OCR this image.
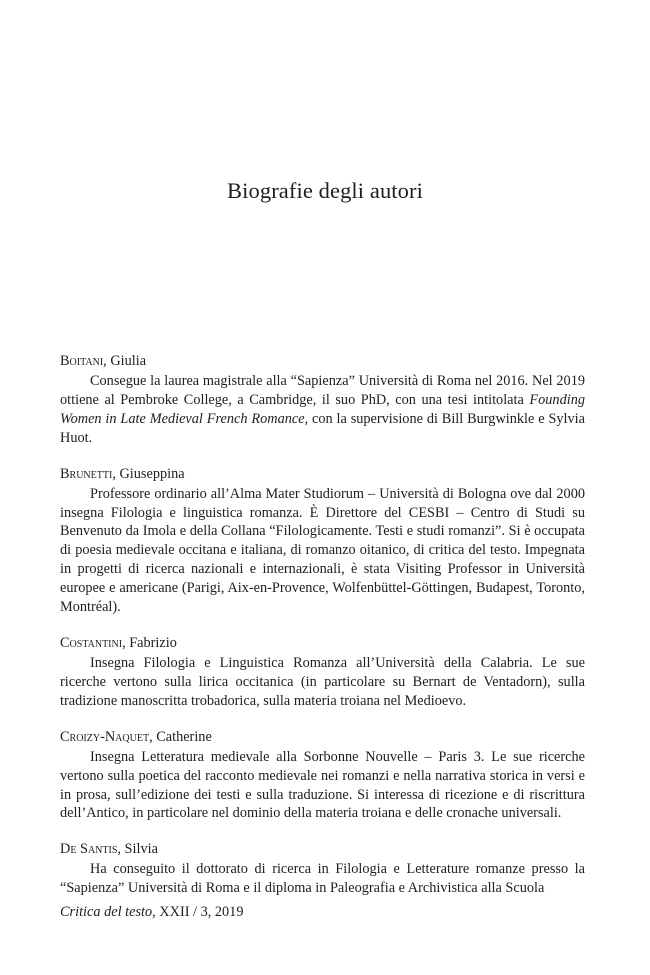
Biografie degli autori
Boitani, Giulia

Consegue la laurea magistrale alla “Sapienza” Università di Roma nel 2016. Nel 2019 ottiene al Pembroke College, a Cambridge, il suo PhD, con una tesi intitolata Founding Women in Late Medieval French Romance, con la supervisione di Bill Burgwinkle e Sylvia Huot.

Brunetti, Giuseppina

Professore ordinario all’Alma Mater Studiorum – Università di Bologna ove dal 2000 insegna Filologia e linguistica romanza. È Direttore del CESBI – Centro di Studi su Benvenuto da Imola e della Collana “Filologicamente. Testi e studi romanzi”. Si è occupata di poesia medievale occitana e italiana, di romanzo oitanico, di critica del testo. Impegnata in progetti di ricerca nazionali e internazionali, è stata Visiting Professor in Università europee e americane (Parigi, Aix-en-Provence, Wolfenbüttel-Göttingen, Budapest, Toronto, Montréal).

Costantini, Fabrizio

Insegna Filologia e Linguistica Romanza all’Università della Calabria. Le sue ricerche vertono sulla lirica occitanica (in particolare su Bernart de Ventadorn), sulla tradizione manoscritta trobadorica, sulla materia troiana nel Medioevo.

Croizy-Naquet, Catherine

Insegna Letteratura medievale alla Sorbonne Nouvelle – Paris 3. Le sue ricerche vertono sulla poetica del racconto medievale nei romanzi e nella narrativa storica in versi e in prosa, sull’edizione dei testi e sulla traduzione. Si interessa di ricezione e di riscrittura dell’Antico, in particolare nel dominio della materia troiana e delle cronache universali.

De Santis, Silvia

Ha conseguito il dottorato di ricerca in Filologia e Letterature romanze presso la “Sapienza” Università di Roma e il diploma in Paleografia e Archivistica alla Scuola

Critica del testo, XXII / 3, 2019
